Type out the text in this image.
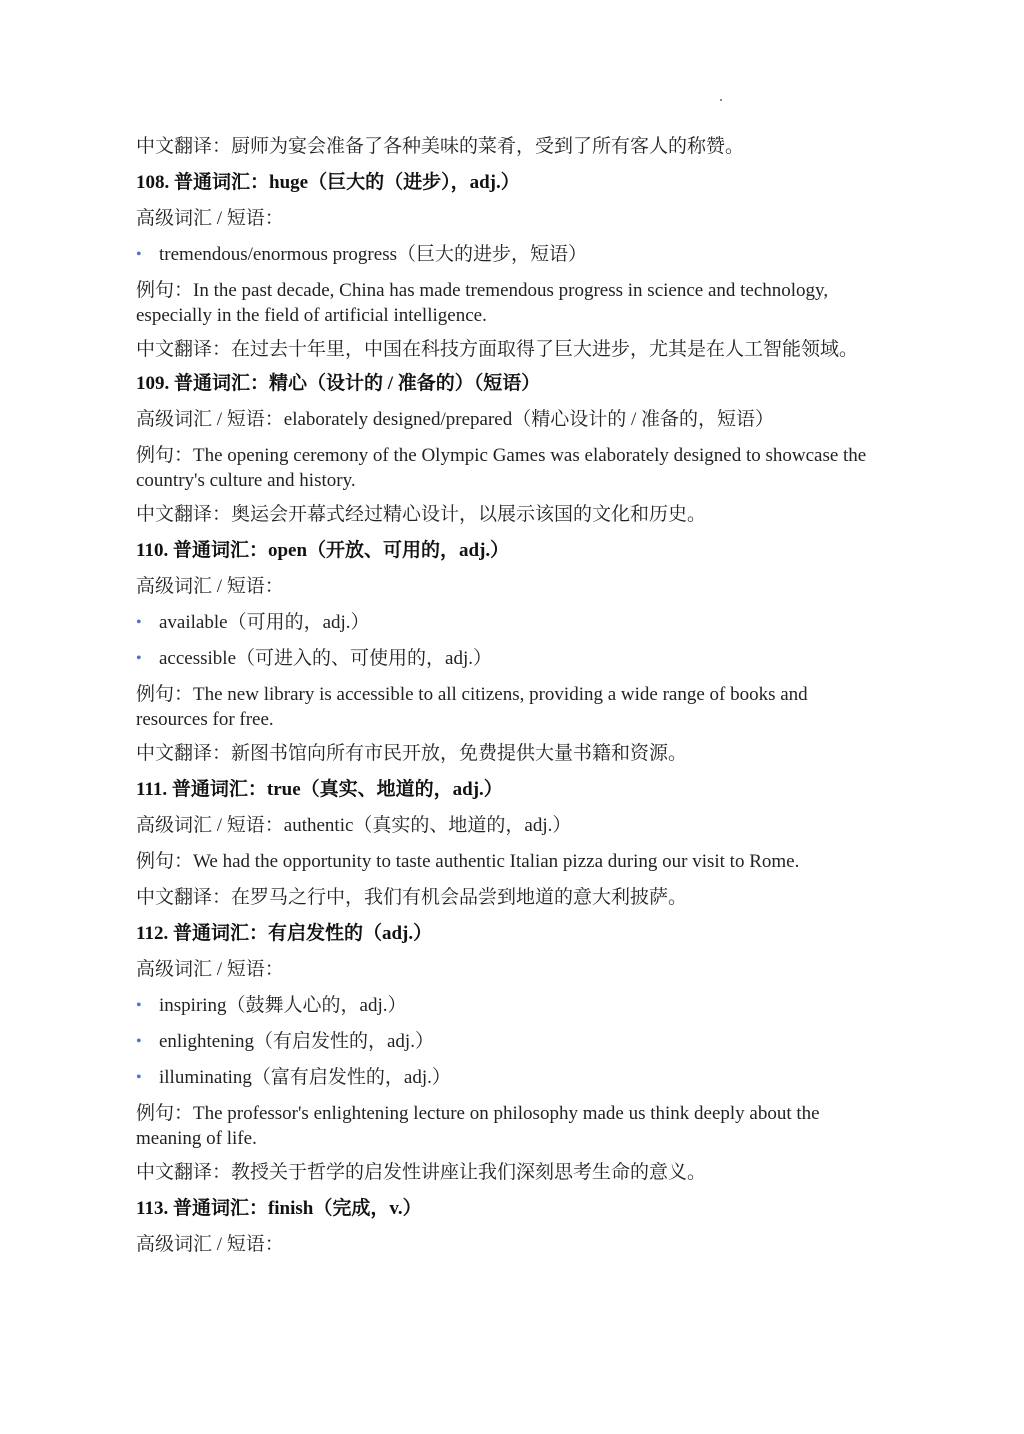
中文翻译：厨师为宴会准备了各种美味的菜肴，受到了所有客人的称赞。

108. 普通词汇：huge（巨大的（进步），adj.）

高级词汇 / 短语：

• tremendous/enormous progress（巨大的进步，短语）

例句：In the past decade, China has made tremendous progress in science and technology, especially in the field of artificial intelligence.

中文翻译：在过去十年里，中国在科技方面取得了巨大进步，尤其是在人工智能领域。

109. 普通词汇：精心（设计的 / 准备的）（短语）

高级词汇 / 短语：elaborately designed/prepared（精心设计的 / 准备的，短语）

例句：The opening ceremony of the Olympic Games was elaborately designed to showcase the country's culture and history.

中文翻译：奥运会开幕式经过精心设计，以展示该国的文化和历史。

110. 普通词汇：open（开放、可用的，adj.）

高级词汇 / 短语：

• available（可用的，adj.）

• accessible（可进入的、可使用的，adj.）

例句：The new library is accessible to all citizens, providing a wide range of books and resources for free.

中文翻译：新图书馆向所有市民开放，免费提供大量书籍和资源。

111. 普通词汇：true（真实、地道的，adj.）

高级词汇 / 短语：authentic（真实的、地道的，adj.）

例句：We had the opportunity to taste authentic Italian pizza during our visit to Rome.

中文翻译：在罗马之行中，我们有机会品尝到地道的意大利披萨。

112. 普通词汇：有启发性的（adj.）

高级词汇 / 短语：

• inspiring（鼓舞人心的，adj.）

• enlightening（有启发性的，adj.）

• illuminating（富有启发性的，adj.）

例句：The professor's enlightening lecture on philosophy made us think deeply about the meaning of life.

中文翻译：教授关于哲学的启发性讲座让我们深刻思考生命的意义。

113. 普通词汇：finish（完成，v.）

高级词汇 / 短语：
